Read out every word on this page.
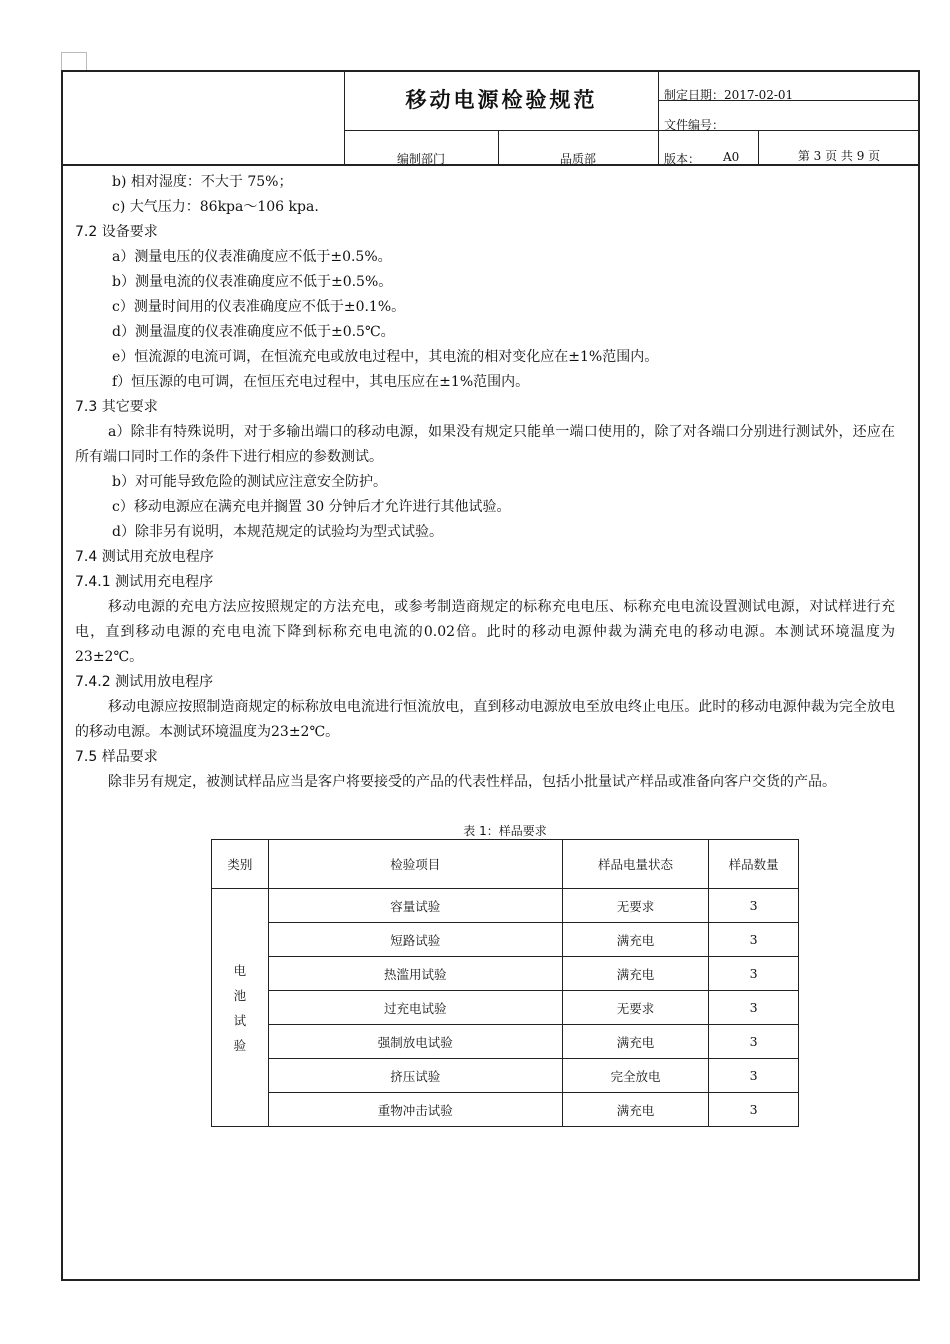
移动电源检验规范	制定日期：2017-02-01
文件编号：
编制部门	品质部	版本： A0	第 3 页 共 9 页
b) 相对湿度：不大于 75%；
c) 大气压力：86kpa～106 kpa.
7.2 设备要求
a）测量电压的仪表准确度应不低于±0.5%。
b）测量电流的仪表准确度应不低于±0.5%。
c）测量时间用的仪表准确度应不低于±0.1%。
d）测量温度的仪表准确度应不低于±0.5℃。
e）恒流源的电流可调，在恒流充电或放电过程中，其电流的相对变化应在±1%范围内。
f）恒压源的电可调，在恒压充电过程中，其电压应在±1%范围内。
7.3 其它要求

a）除非有特殊说明，对于多输出端口的移动电源，如果没有规定只能单一端口使用的，除了对各端口分别进行测试外，还应在所有端口同时工作的条件下进行相应的参数测试。

b）对可能导致危险的测试应注意安全防护。
c）移动电源应在满充电并搁置 30 分钟后才允许进行其他试验。
d）除非另有说明，本规范规定的试验均为型式试验。
7.4 测试用充放电程序
7.4.1 测试用充电程序

移动电源的充电方法应按照规定的方法充电，或参考制造商规定的标称充电电压、标称充电电流设置测试电源，对试样进行充电，直到移动电源的充电电流下降到标称充电电流的0.02倍。此时的移动电源仲裁为满充电的移动电源。本测试环境温度为23±2℃。

7.4.2 测试用放电程序

移动电源应按照制造商规定的标称放电电流进行恒流放电，直到移动电源放电至放电终止电压。此时的移动电源仲裁为完全放电的移动电源。本测试环境温度为23±2℃。

7.5 样品要求

除非另有规定，被测试样品应当是客户将要接受的产品的代表性样品，包括小批量试产样品或准备向客户交货的产品。

表 1：样品要求
类别	检验项目	样品电量状态	样品数量

电
池
试
验	容量试验	无要求	3
	短路试验	满充电	3
	热滥用试验	满充电	3
	过充电试验	无要求	3
	强制放电试验	满充电	3
	挤压试验	完全放电	3
	重物冲击试验	满充电	3
